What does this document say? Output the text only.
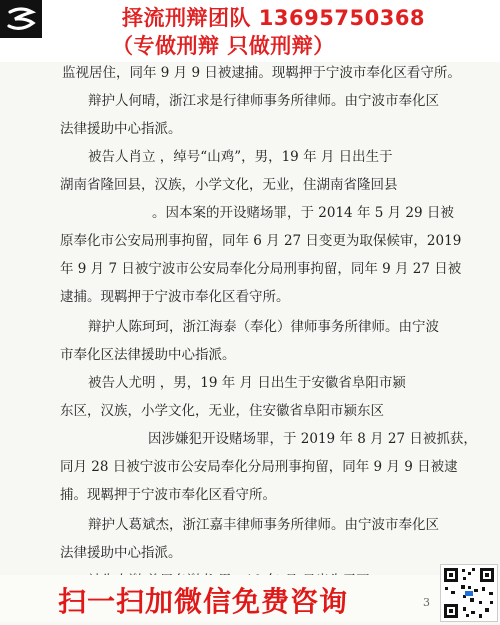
择流刑辩团队 13695750368
（专做刑辩 只做刑辩）
监视居住，同年 9 月 9 日被逮捕。现羁押于宁波市奉化区看守所。
辩护人何晴，浙江求是行律师事务所律师。由宁波市奉化区
法律援助中心指派。
被告人肖立 ，绰号“山鸡”，男，19 年 月 日出生于
湖南省隆回县，汉族，小学文化，无业，住湖南省隆回县
。因本案的开设赌场罪，于 2014 年 5 月 29 日被
原奉化市公安局刑事拘留，同年 6 月 27 日变更为取保候审，2019
年 9 月 7 日被宁波市公安局奉化分局刑事拘留，同年 9 月 27 日被
逮捕。现羁押于宁波市奉化区看守所。
辩护人陈珂珂，浙江海泰（奉化）律师事务所律师。由宁波
市奉化区法律援助中心指派。
被告人尤明 ，男，19 年 月 日出生于安徽省阜阳市颍
东区，汉族，小学文化，无业，住安徽省阜阳市颍东区
因涉嫌犯开设赌场罪，于 2019 年 8 月 27 日被抓获，
同月 28 日被宁波市公安局奉化分局刑事拘留，同年 9 月 9 日被逮
捕。现羁押于宁波市奉化区看守所。
辩护人葛斌杰，浙江嘉丰律师事务所律师。由宁波市奉化区
法律援助中心指派。
扫一扫加微信免费咨询	3
